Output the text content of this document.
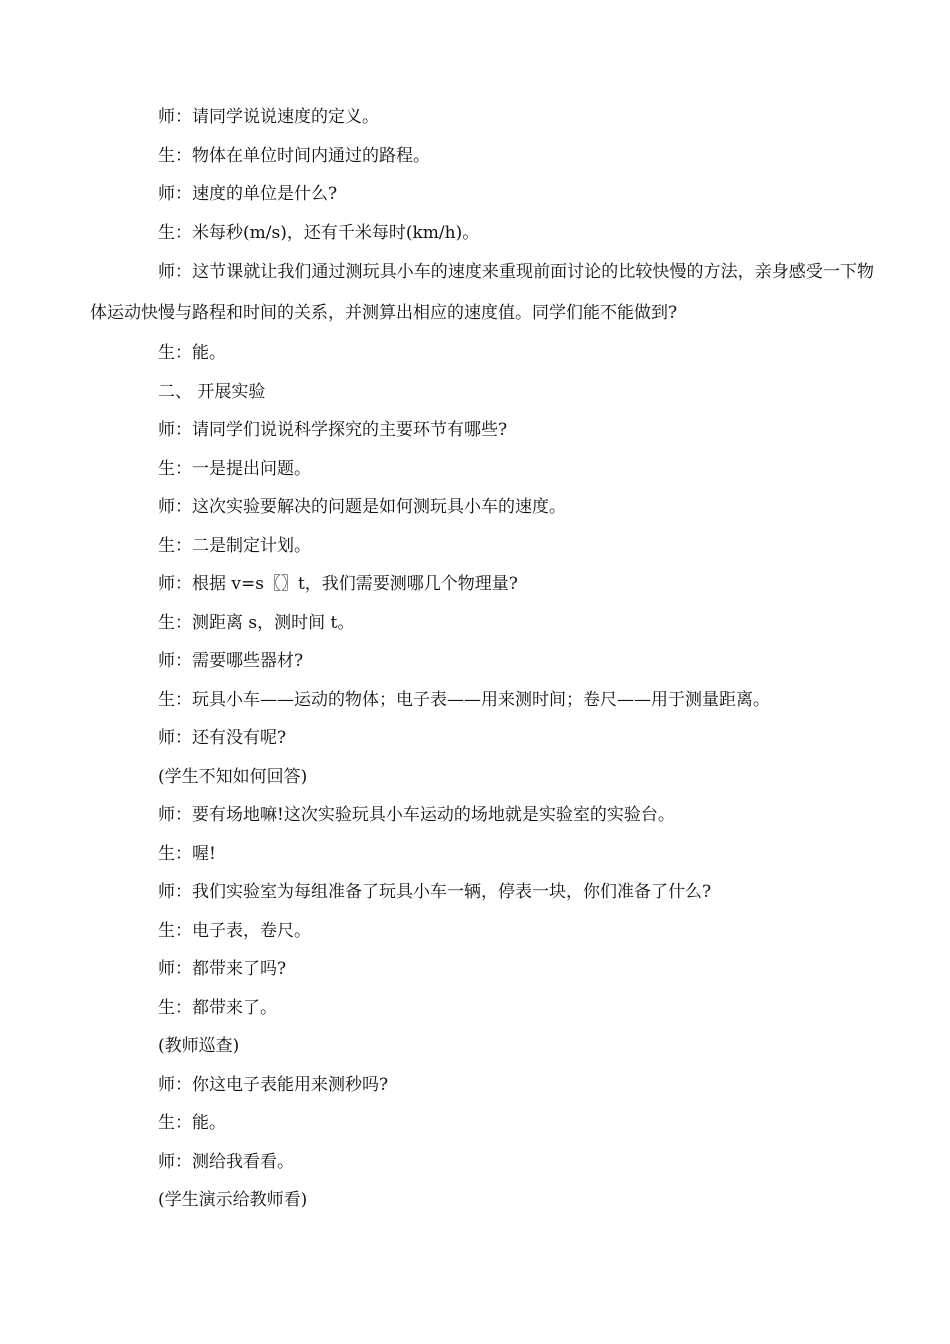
师：请同学说说速度的定义。

生：物体在单位时间内通过的路程。

师：速度的单位是什么?

生：米每秒(m/s)，还有千米每时(km/h)。

师：这节课就让我们通过测玩具小车的速度来重现前面讨论的比较快慢的方法，亲身感受一下物体运动快慢与路程和时间的关系，并测算出相应的速度值。同学们能不能做到?

生：能。

二、 开展实验

师：请同学们说说科学探究的主要环节有哪些?

生：一是提出问题。

师：这次实验要解决的问题是如何测玩具小车的速度。

生：二是制定计划。

师：根据 v=s〖〗t，我们需要测哪几个物理量?

生：测距离 s，测时间 t。

师：需要哪些器材?

生：玩具小车——运动的物体；电子表——用来测时间；卷尺——用于测量距离。

师：还有没有呢?

(学生不知如何回答)

师：要有场地嘛!这次实验玩具小车运动的场地就是实验室的实验台。

生：喔!

师：我们实验室为每组准备了玩具小车一辆，停表一块，你们准备了什么?

生：电子表，卷尺。

师：都带来了吗?

生：都带来了。

(教师巡查)

师：你这电子表能用来测秒吗?

生：能。

师：测给我看看。

(学生演示给教师看)
